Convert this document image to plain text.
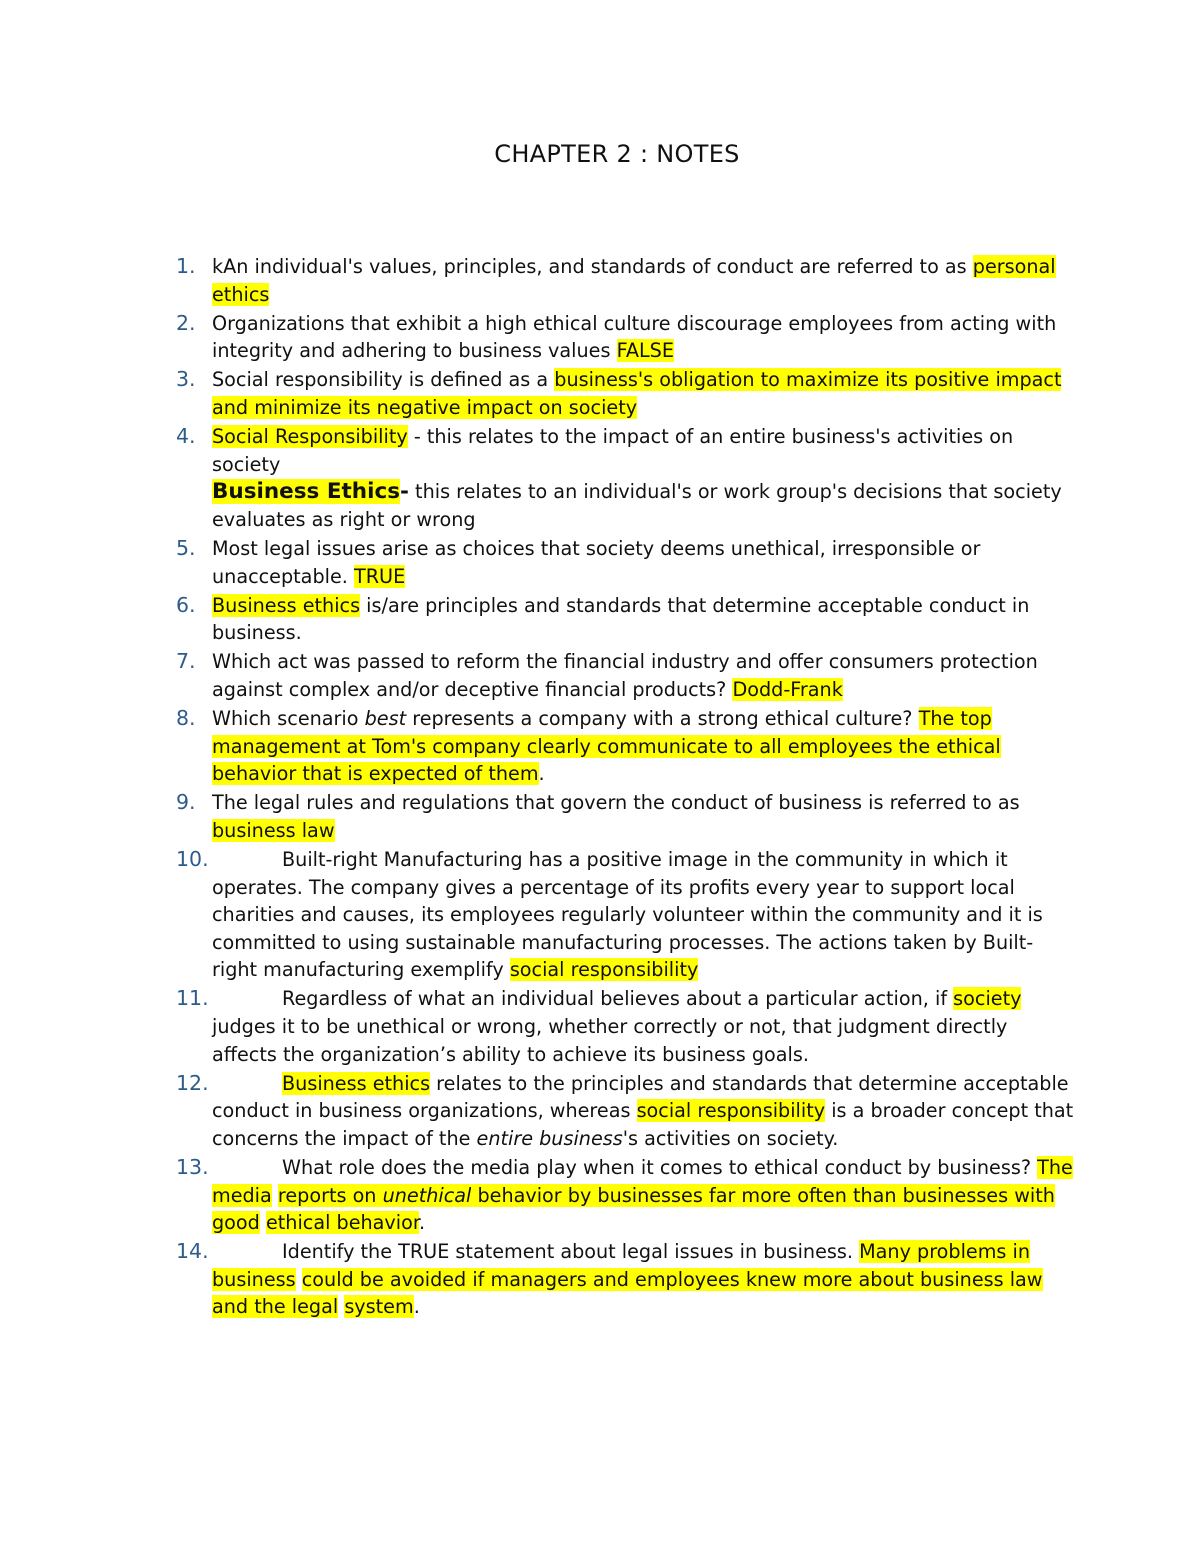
CHAPTER 2 : NOTES
1. kAn individual's values, principles, and standards of conduct are referred to as personal ethics
2. Organizations that exhibit a high ethical culture discourage employees from acting with integrity and adhering to business values FALSE
3. Social responsibility is defined as a business's obligation to maximize its positive impact and minimize its negative impact on society
4. Social Responsibility - this relates to the impact of an entire business's activities on society
Business Ethics- this relates to an individual's or work group's decisions that society evaluates as right or wrong
5. Most legal issues arise as choices that society deems unethical, irresponsible or unacceptable. TRUE
6. Business ethics is/are principles and standards that determine acceptable conduct in business.
7. Which act was passed to reform the financial industry and offer consumers protection against complex and/or deceptive financial products? Dodd-Frank
8. Which scenario best represents a company with a strong ethical culture? The top management at Tom's company clearly communicate to all employees the ethical behavior that is expected of them.
9. The legal rules and regulations that govern the conduct of business is referred to as business law
10.	Built-right Manufacturing has a positive image in the community in which it operates. The company gives a percentage of its profits every year to support local charities and causes, its employees regularly volunteer within the community and it is committed to using sustainable manufacturing processes. The actions taken by Built-right manufacturing exemplify social responsibility
11.	Regardless of what an individual believes about a particular action, if society judges it to be unethical or wrong, whether correctly or not, that judgment directly affects the organization’s ability to achieve its business goals.
12.	Business ethics relates to the principles and standards that determine acceptable conduct in business organizations, whereas social responsibility is a broader concept that concerns the impact of the entire business's activities on society.
13.	What role does the media play when it comes to ethical conduct by business? The media reports on unethical behavior by businesses far more often than businesses with good ethical behavior.
14.	Identify the TRUE statement about legal issues in business. Many problems in business could be avoided if managers and employees knew more about business law and the legal system.
